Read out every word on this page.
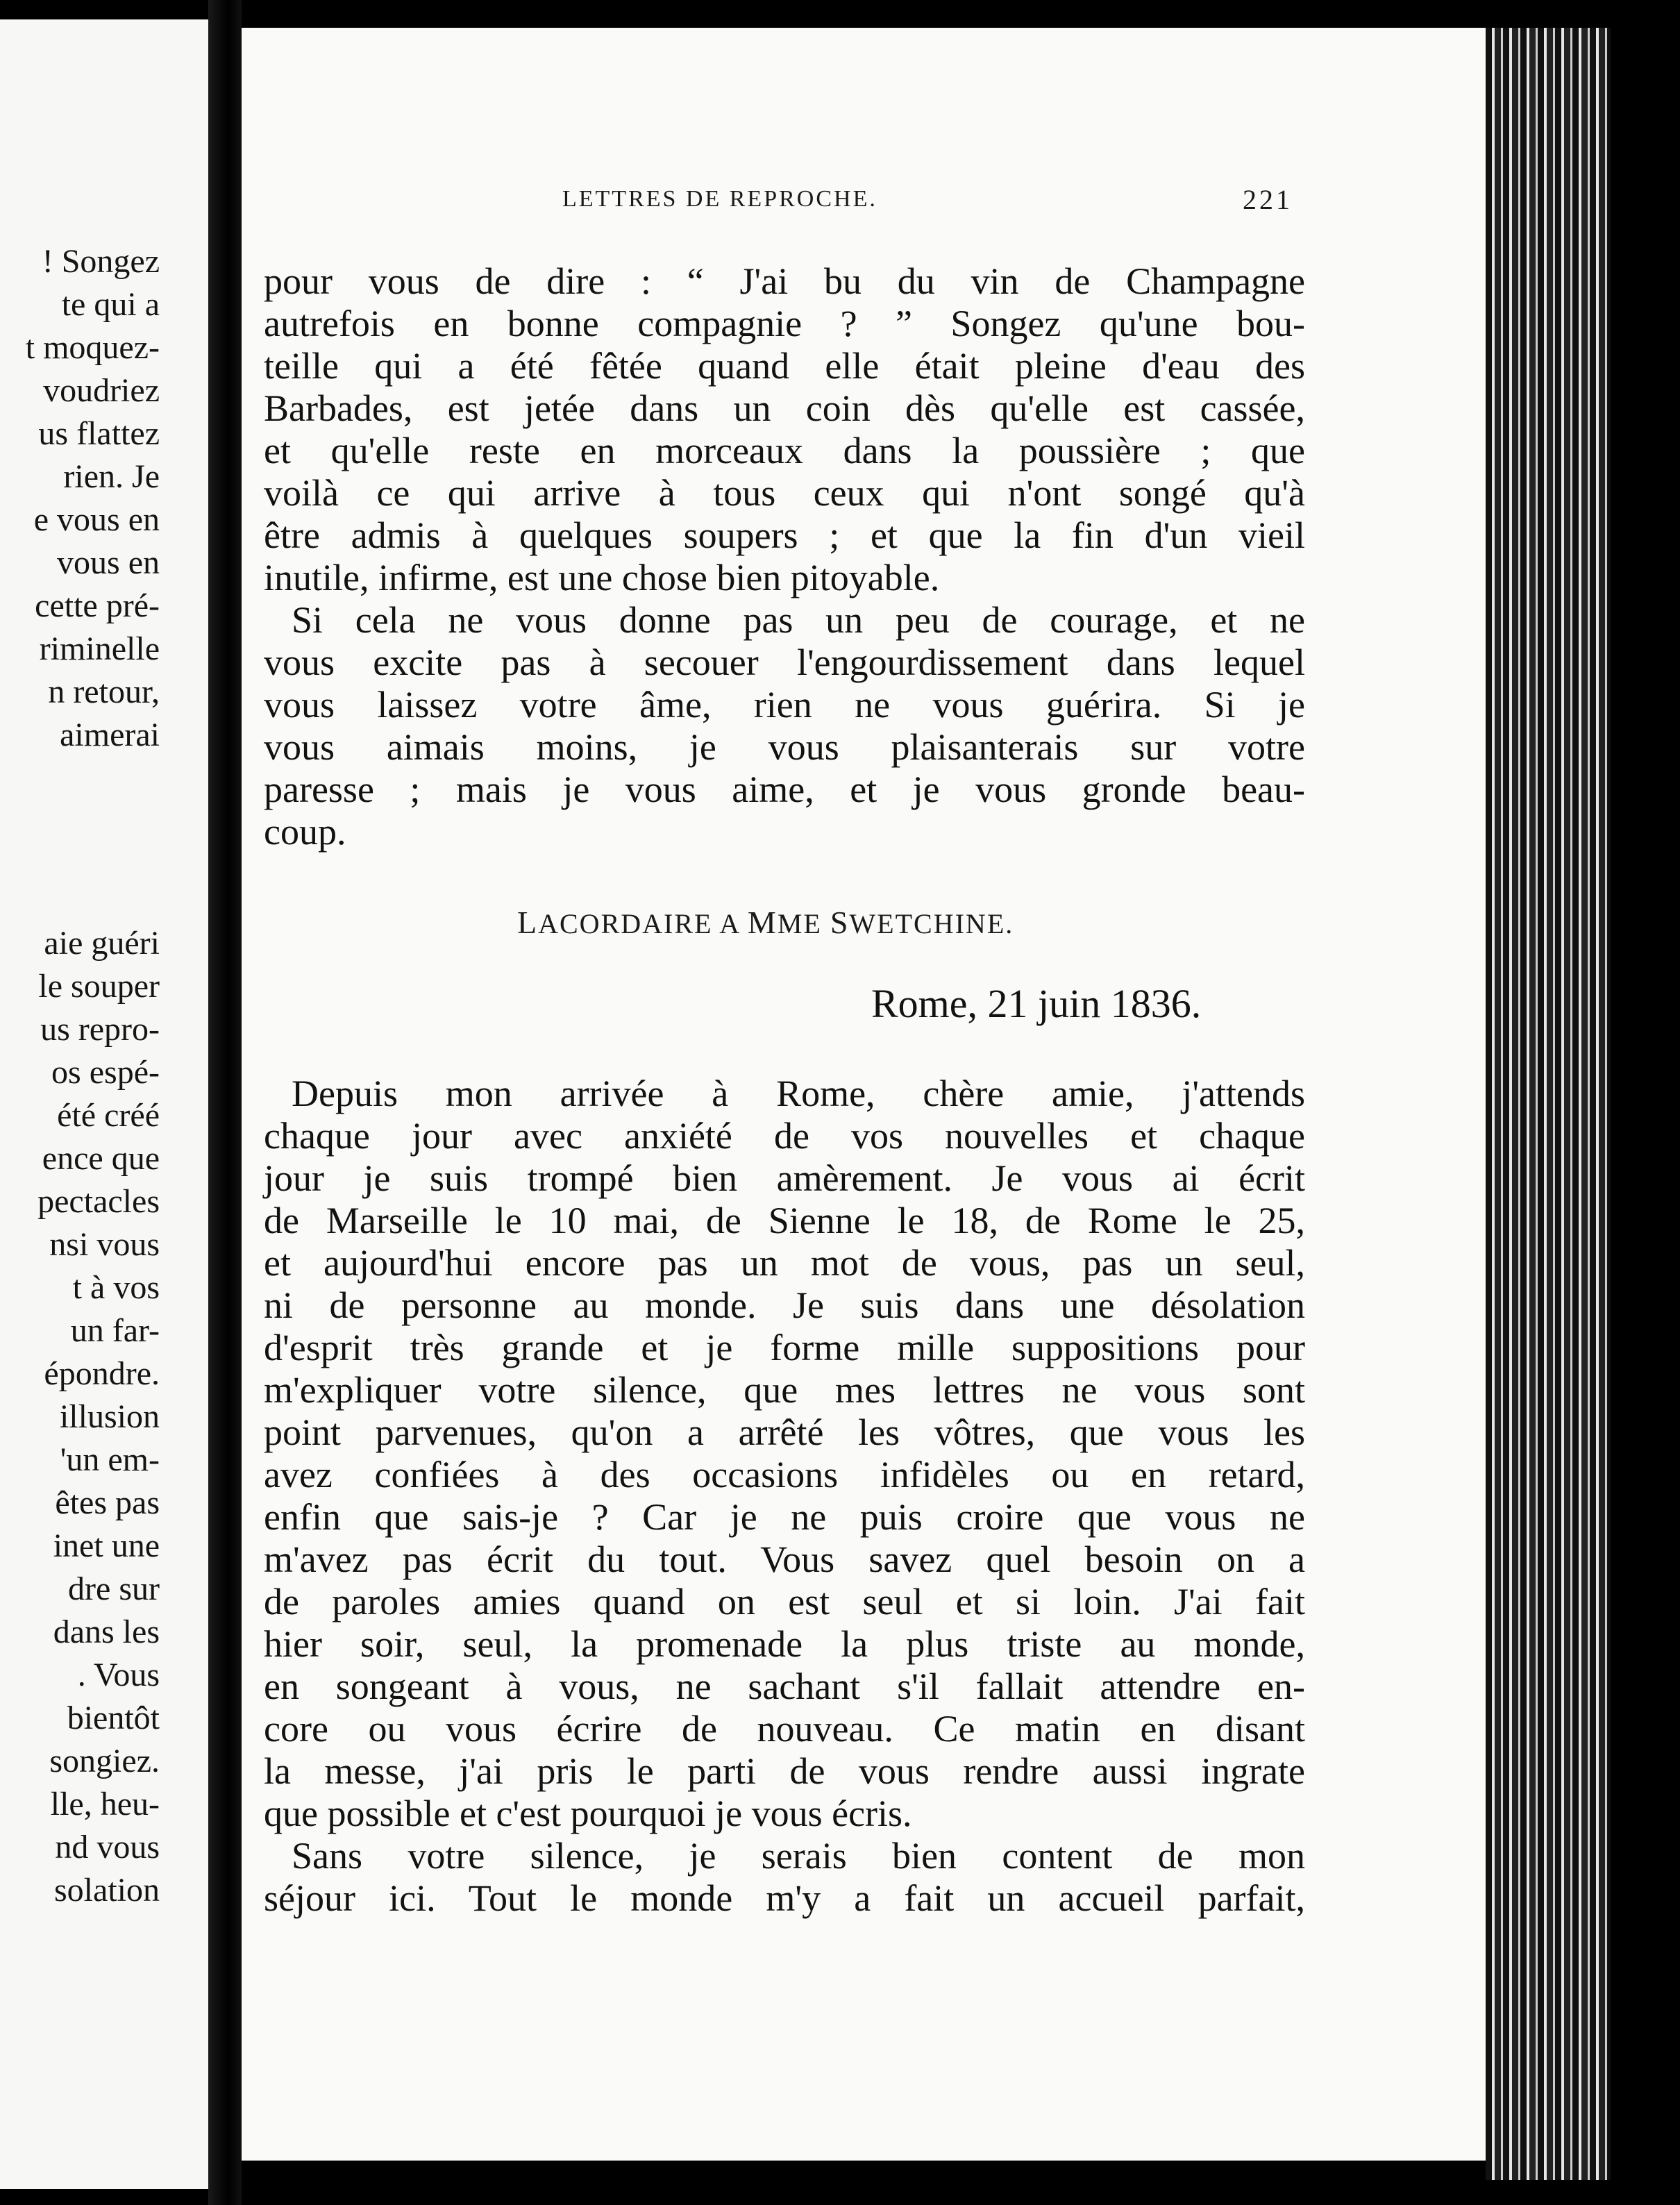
! Songez
te qui a
t moquez-
voudriez
us flattez
rien. Je
e vous en
vous en
cette pré-
riminelle
n retour,
aimerai
aie guéri
le souper
us repro-
os espé-
été créé
ence que
pectacles
nsi vous
t à vos
un far-
épondre.
illusion
'un em-
êtes pas
inet une
dre sur
dans les
. Vous
bientôt
songiez.
lle, heu-
nd vous
solation
LETTRES DE REPROCHE.	221
pour vous de dire : “ J'ai bu du vin de Champagne
autrefois en bonne compagnie ? ” Songez qu'une bou-
teille qui a été fêtée quand elle était pleine d'eau des
Barbades, est jetée dans un coin dès qu'elle est cassée,
et qu'elle reste en morceaux dans la poussière ; que
voilà ce qui arrive à tous ceux qui n'ont songé qu'à
être admis à quelques soupers ; et que la fin d'un vieil
inutile, infirme, est une chose bien pitoyable.
Si cela ne vous donne pas un peu de courage, et ne
vous excite pas à secouer l'engourdissement dans lequel
vous laissez votre âme, rien ne vous guérira. Si je
vous aimais moins, je vous plaisanterais sur votre
paresse ; mais je vous aime, et je vous gronde beau-
coup.
LACORDAIRE A MME SWETCHINE.
Rome, 21 juin 1836.
Depuis mon arrivée à Rome, chère amie, j'attends
chaque jour avec anxiété de vos nouvelles et chaque
jour je suis trompé bien amèrement. Je vous ai écrit
de Marseille le 10 mai, de Sienne le 18, de Rome le 25,
et aujourd'hui encore pas un mot de vous, pas un seul,
ni de personne au monde. Je suis dans une désolation
d'esprit très grande et je forme mille suppositions pour
m'expliquer votre silence, que mes lettres ne vous sont
point parvenues, qu'on a arrêté les vôtres, que vous les
avez confiées à des occasions infidèles ou en retard,
enfin que sais-je ? Car je ne puis croire que vous ne
m'avez pas écrit du tout. Vous savez quel besoin on a
de paroles amies quand on est seul et si loin. J'ai fait
hier soir, seul, la promenade la plus triste au monde,
en songeant à vous, ne sachant s'il fallait attendre en-
core ou vous écrire de nouveau. Ce matin en disant
la messe, j'ai pris le parti de vous rendre aussi ingrate
que possible et c'est pourquoi je vous écris.
Sans votre silence, je serais bien content de mon
séjour ici. Tout le monde m'y a fait un accueil parfait,
